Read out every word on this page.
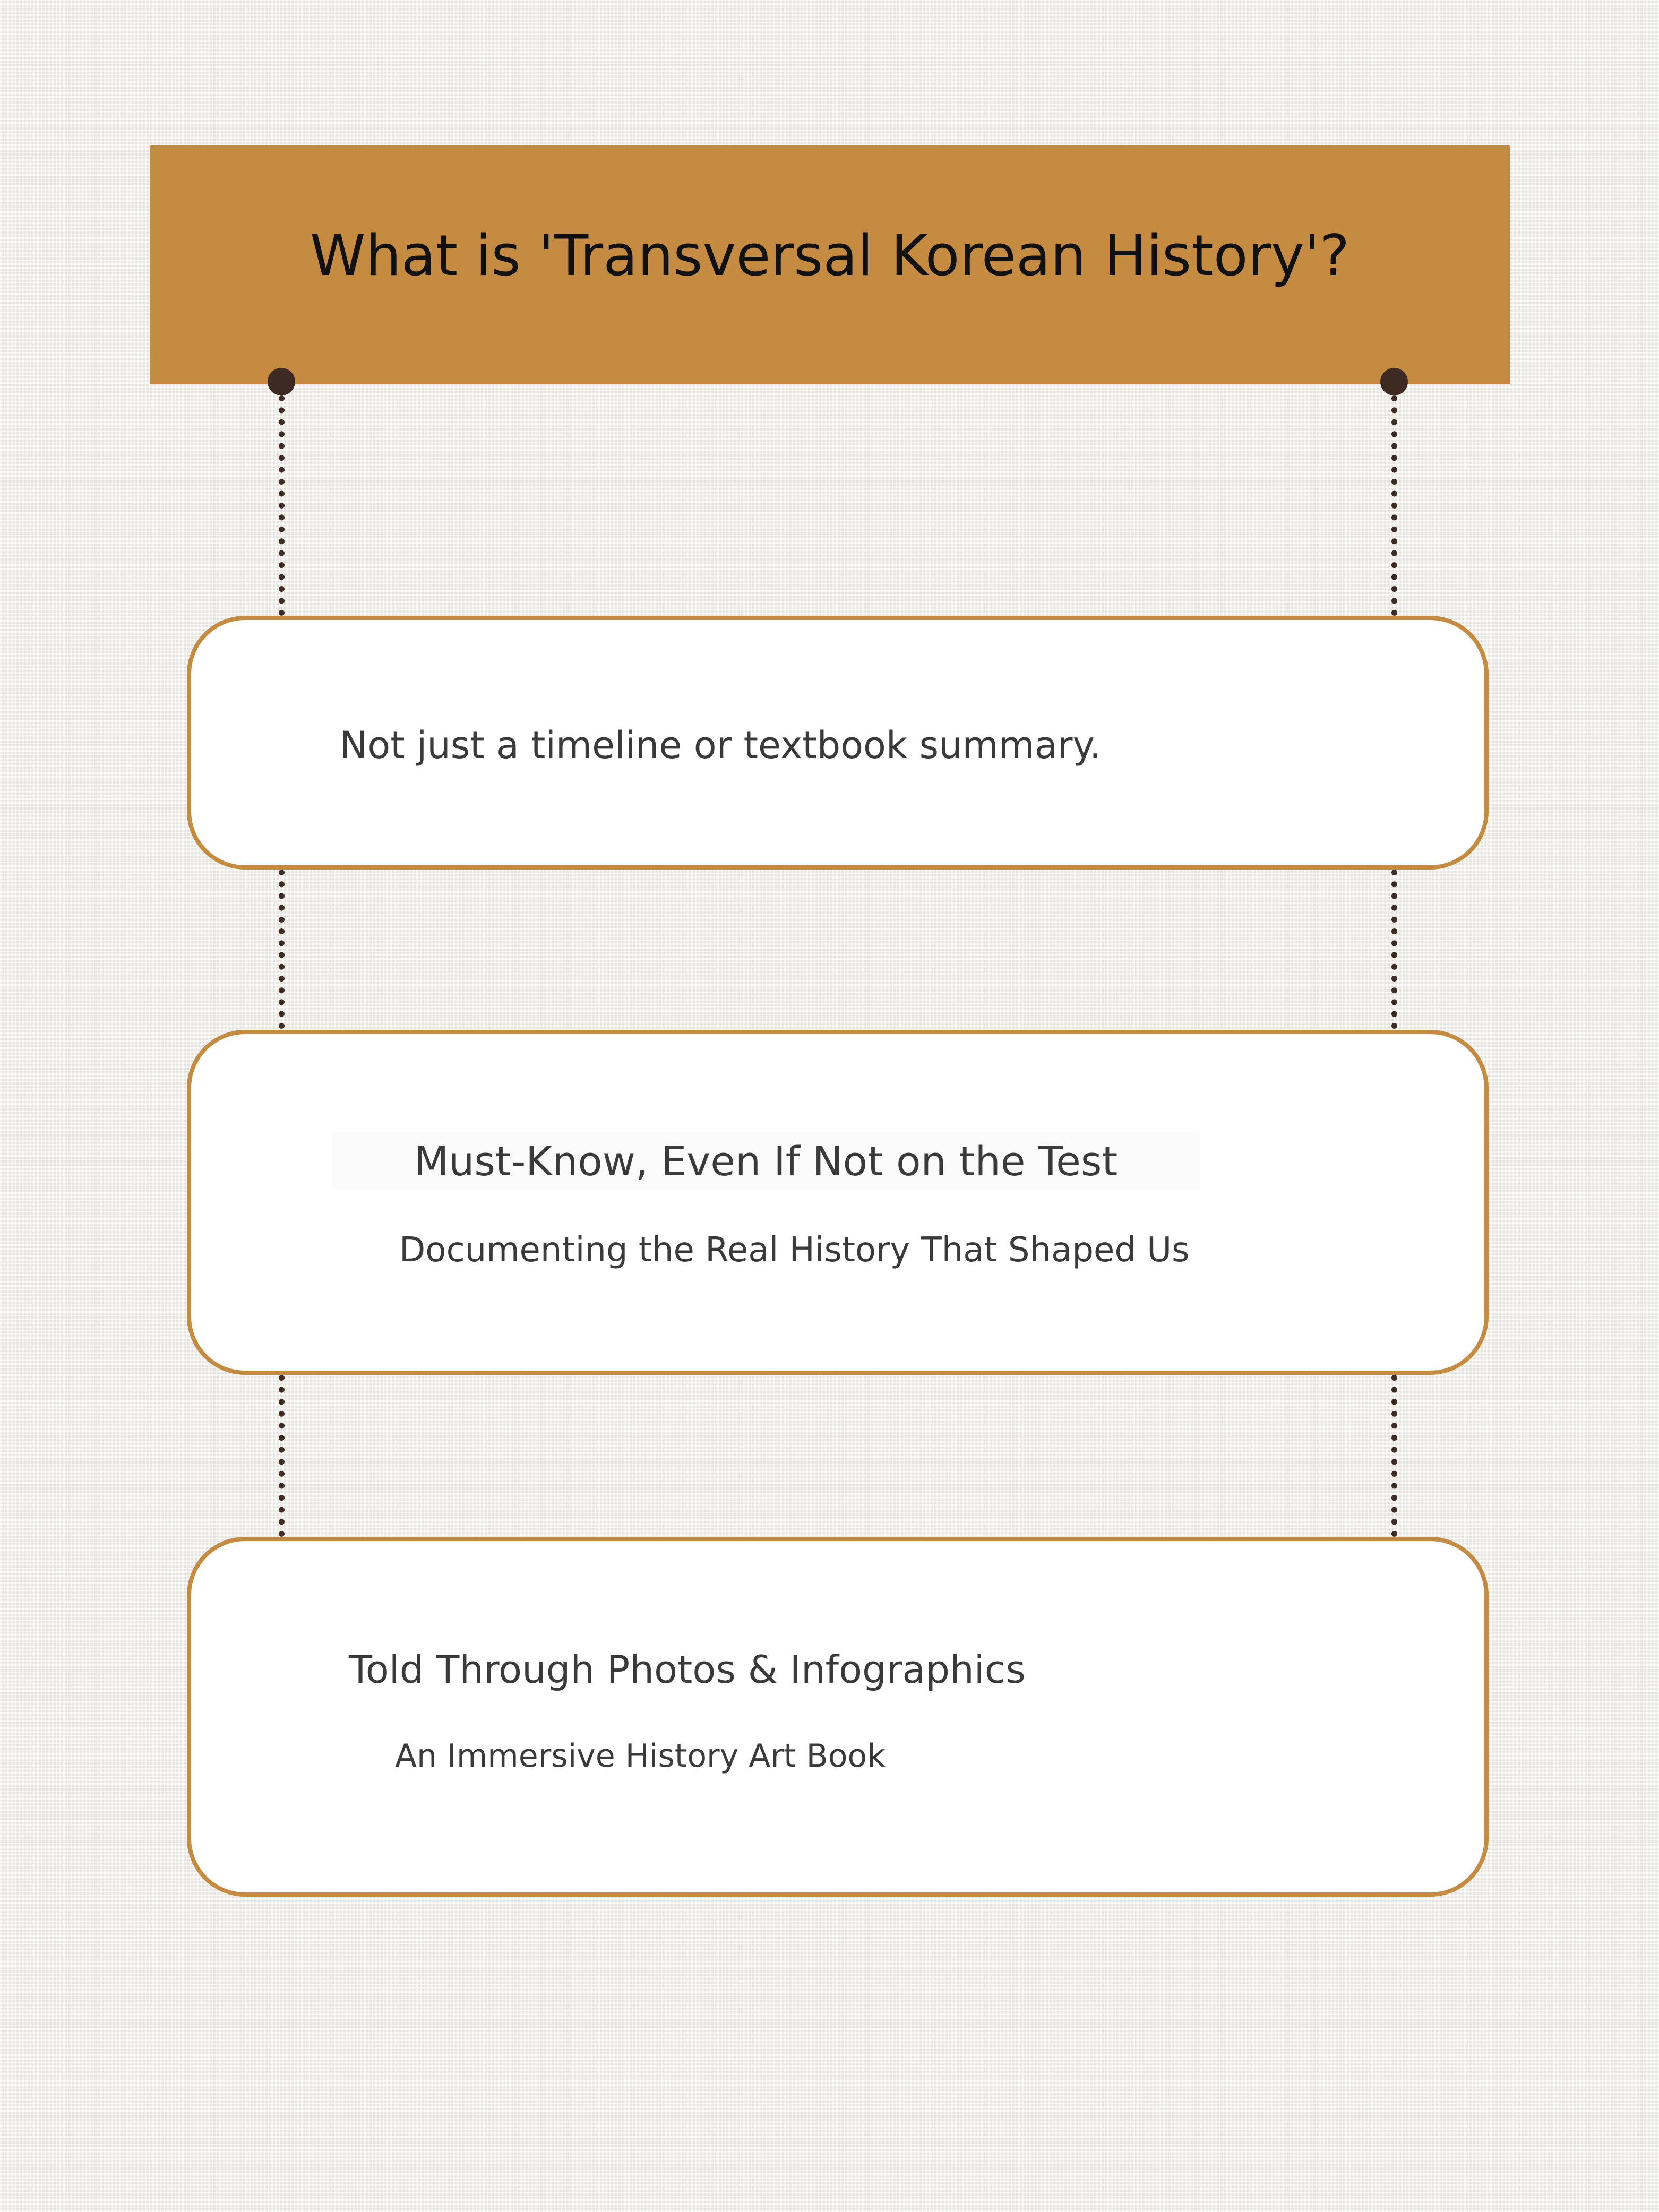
What is 'Transversal Korean History'?
Not just a timeline or textbook summary.
Must-Know, Even If Not on the Test
Documenting the Real History That Shaped Us
Told Through Photos & Infographics
An Immersive History Art Book
